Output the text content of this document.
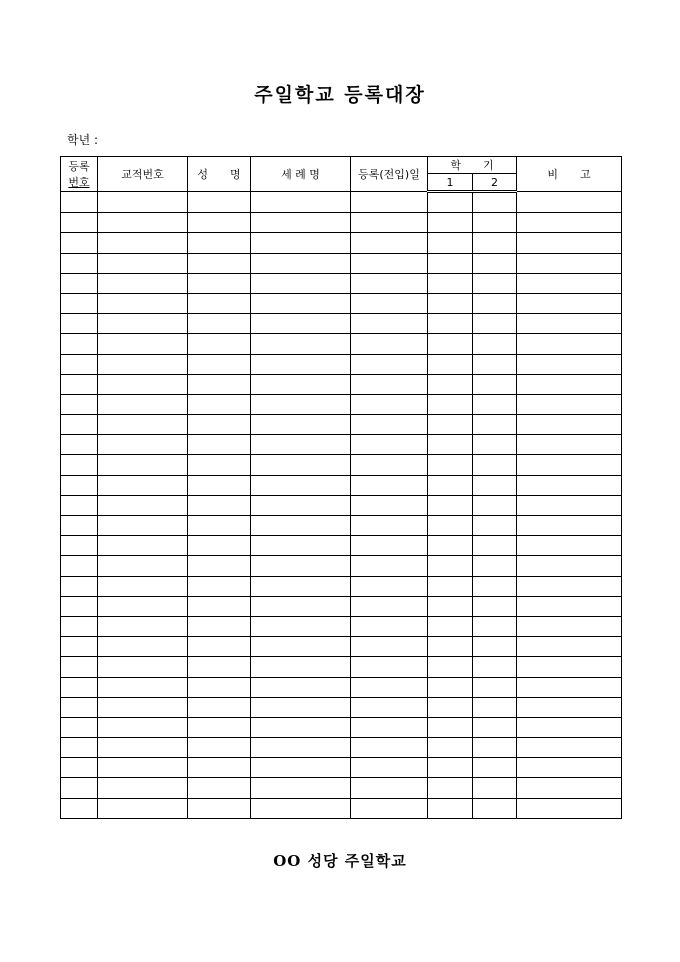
주일학교 등록대장
학년 :
등록
번호	교적번호	성　　명	세 례 명	등록(전입)일	학　　기		비　　고
					1	2	

OO 성당 주일학교
